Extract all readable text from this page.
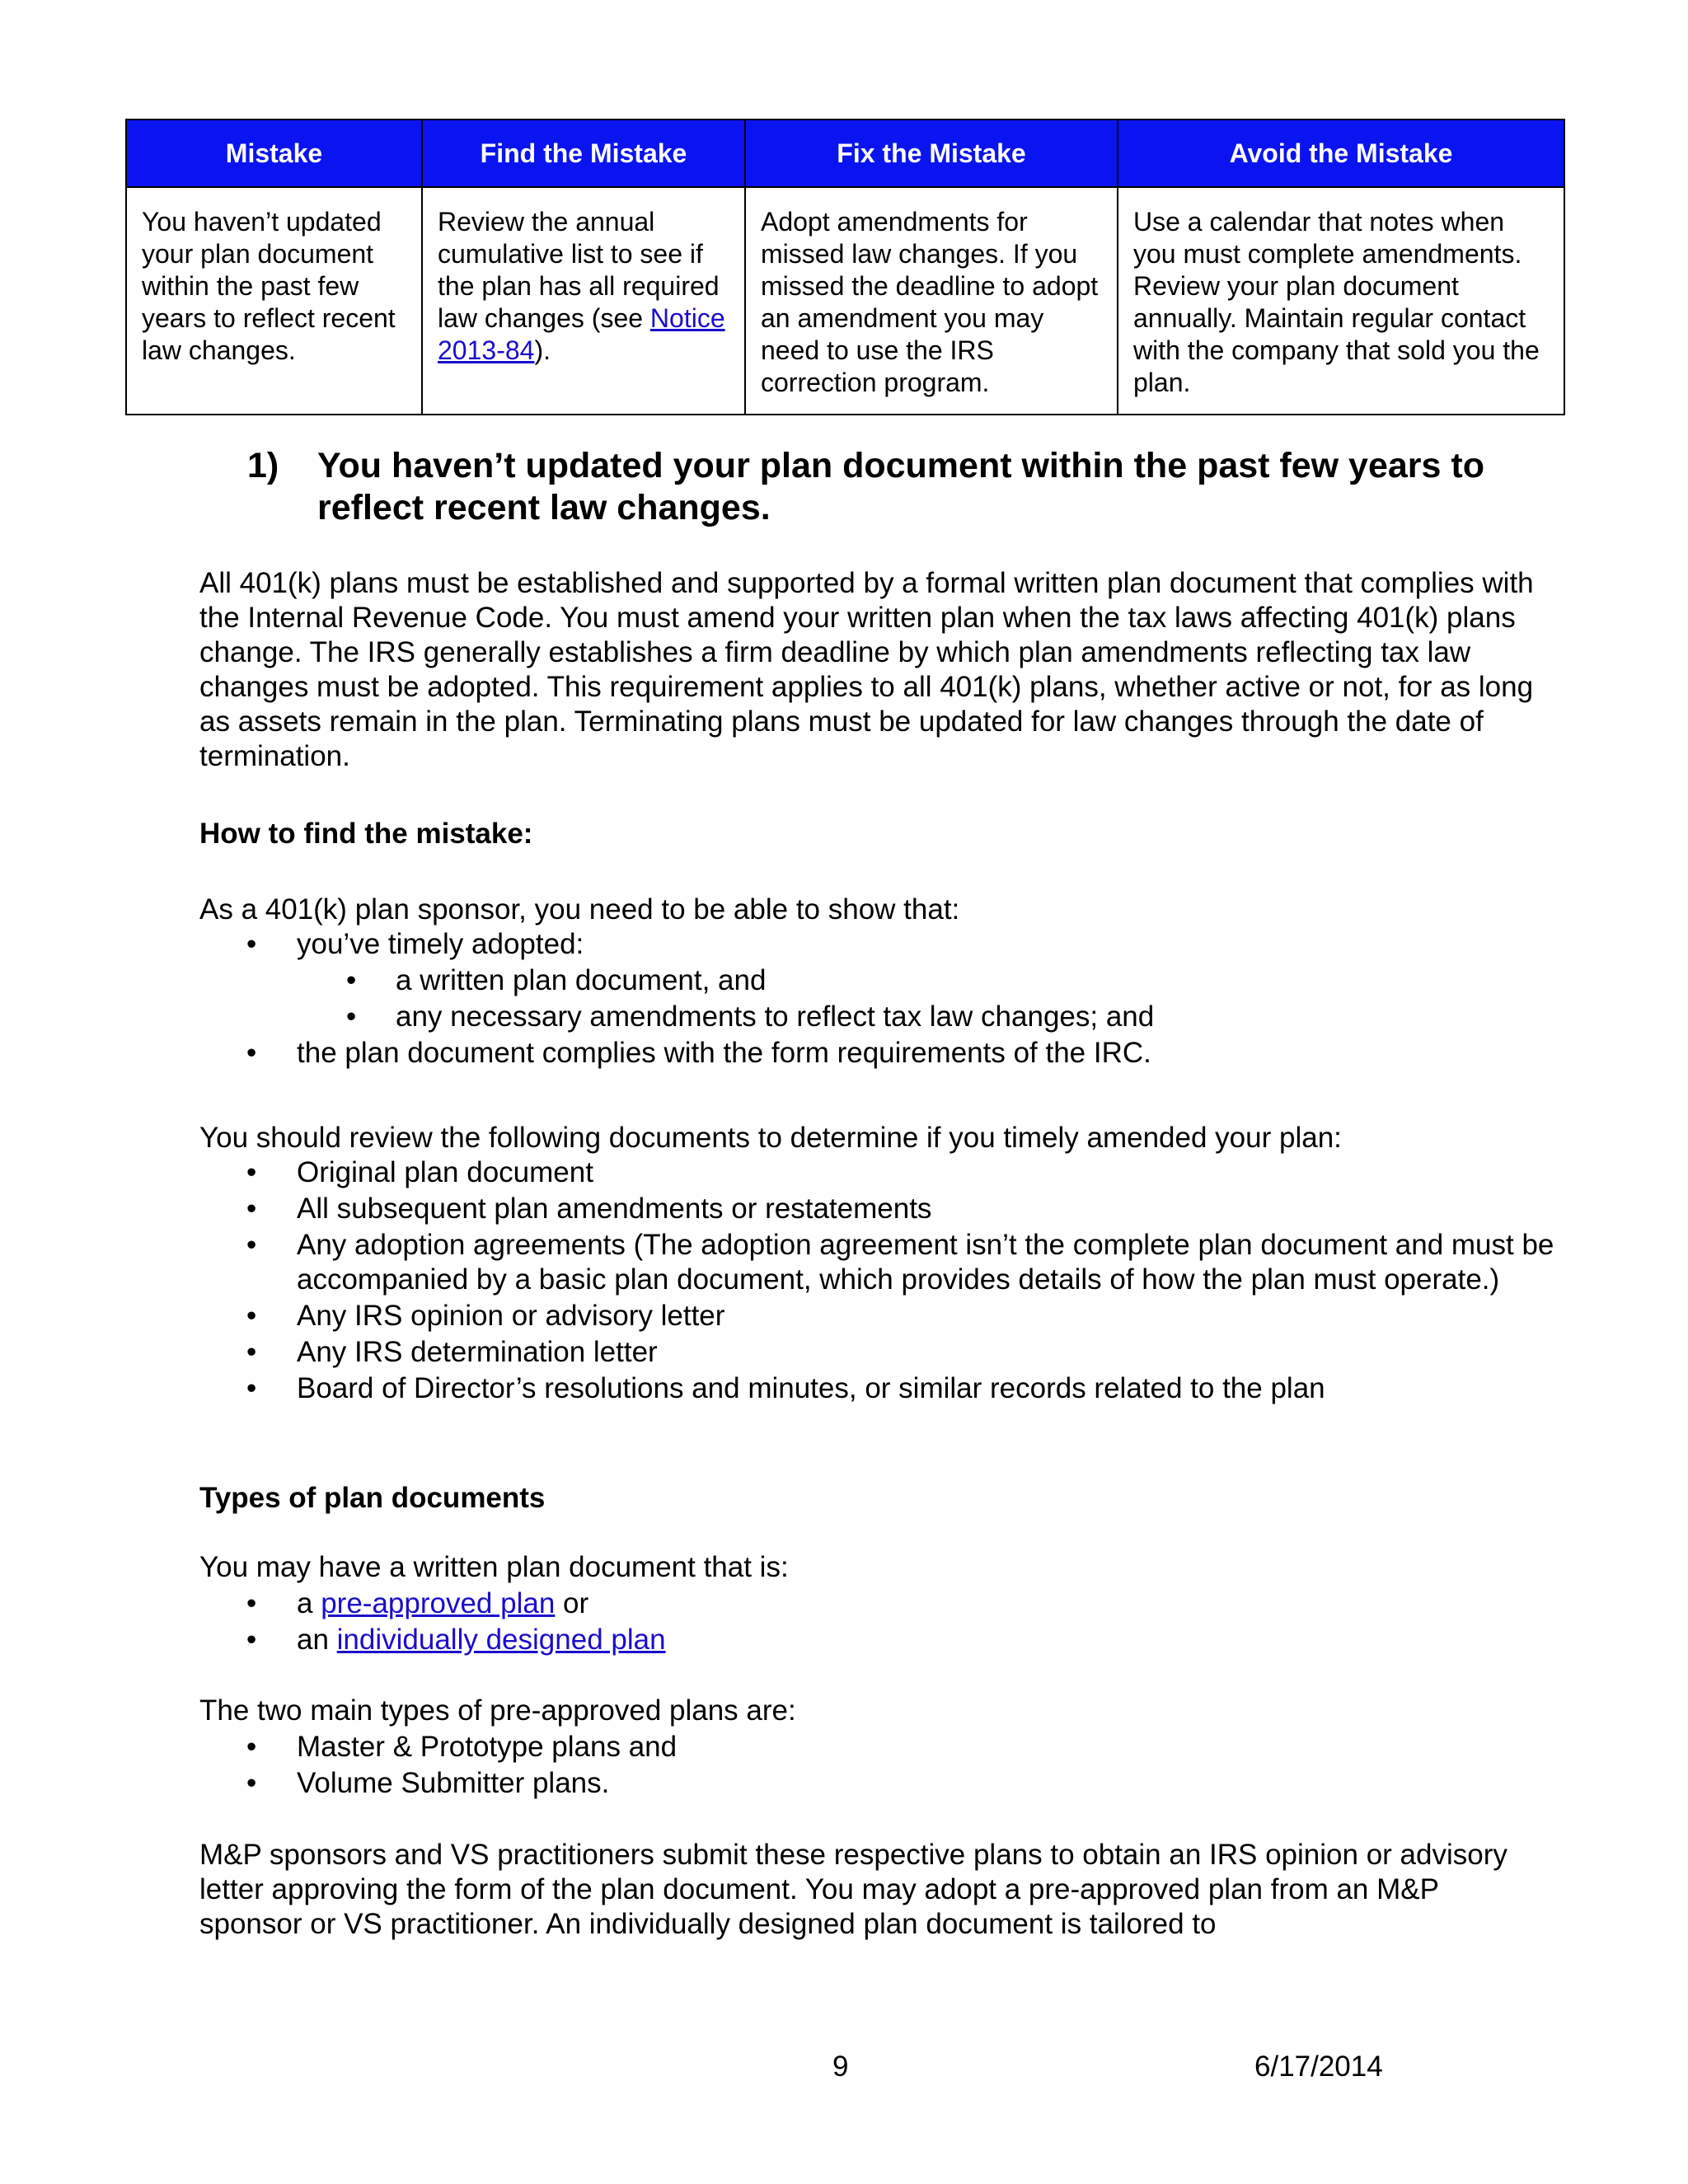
Mistake	Find the Mistake	Fix the Mistake	Avoid the Mistake
You haven’t updated your plan document within the past few years to reflect recent law changes.	Review the annual cumulative list to see if the plan has all required law changes (see Notice 2013-84).	Adopt amendments for missed law changes. If you missed the deadline to adopt an amendment you may need to use the IRS correction program.	Use a calendar that notes when you must complete amendments. Review your plan document annually. Maintain regular contact with the company that sold you the plan.
1) You haven’t updated your plan document within the past few years to reflect recent law changes.
All 401(k) plans must be established and supported by a formal written plan document that complies with the Internal Revenue Code. You must amend your written plan when the tax laws affecting 401(k) plans change. The IRS generally establishes a firm deadline by which plan amendments reflecting tax law changes must be adopted. This requirement applies to all 401(k) plans, whether active or not, for as long as assets remain in the plan. Terminating plans must be updated for law changes through the date of termination.
How to find the mistake:
As a 401(k) plan sponsor, you need to be able to show that:
• you’ve timely adopted:
• a written plan document, and
• any necessary amendments to reflect tax law changes; and
• the plan document complies with the form requirements of the IRC.
You should review the following documents to determine if you timely amended your plan:
• Original plan document
• All subsequent plan amendments or restatements
• Any adoption agreements (The adoption agreement isn’t the complete plan document and must be accompanied by a basic plan document, which provides details of how the plan must operate.)
• Any IRS opinion or advisory letter
• Any IRS determination letter
• Board of Director’s resolutions and minutes, or similar records related to the plan
Types of plan documents
You may have a written plan document that is:
• a pre-approved plan or
• an individually designed plan
The two main types of pre-approved plans are:
• Master & Prototype plans and
• Volume Submitter plans.
M&P sponsors and VS practitioners submit these respective plans to obtain an IRS opinion or advisory letter approving the form of the plan document. You may adopt a pre-approved plan from an M&P sponsor or VS practitioner. An individually designed plan document is tailored to
9	6/17/2014
